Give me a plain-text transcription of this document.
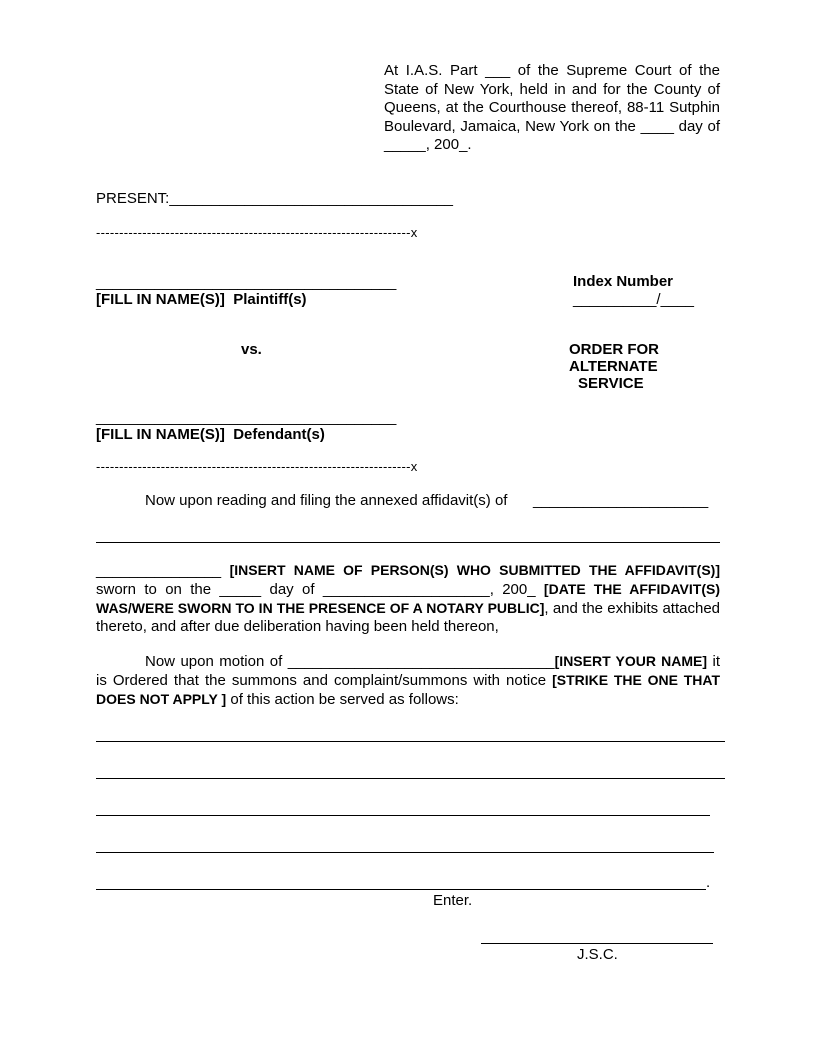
At I.A.S. Part ___ of the Supreme Court of the State of New York, held in and for the County of Queens, at the Courthouse thereof, 88-11 Sutphin Boulevard, Jamaica, New York on the ____ day of _____, 200_.
PRESENT:__________________________________
--------------------------------------------------------------------x
____________________________________
[FILL IN NAME(S)]  Plaintiff(s)
Index Number
__________/____
vs.	ORDER FOR
ALTERNATE
SERVICE
____________________________________
[FILL IN NAME(S)]  Defendant(s)
--------------------------------------------------------------------x
Now upon reading and filing the annexed affidavit(s) of _____________________
_______________ [INSERT NAME OF PERSON(S) WHO SUBMITTED THE AFFIDAVIT(S)] sworn to on the _____ day of ____________________, 200_ [DATE THE AFFIDAVIT(S) WAS/WERE SWORN TO IN THE PRESENCE OF A NOTARY PUBLIC], and the exhibits attached thereto, and after due deliberation having been held thereon,
Now upon motion of ________________________________[INSERT YOUR NAME] it is Ordered that the summons and complaint/summons with notice [STRIKE THE ONE THAT DOES NOT APPLY ] of this action be served as follows:
.
Enter.
J.S.C.
